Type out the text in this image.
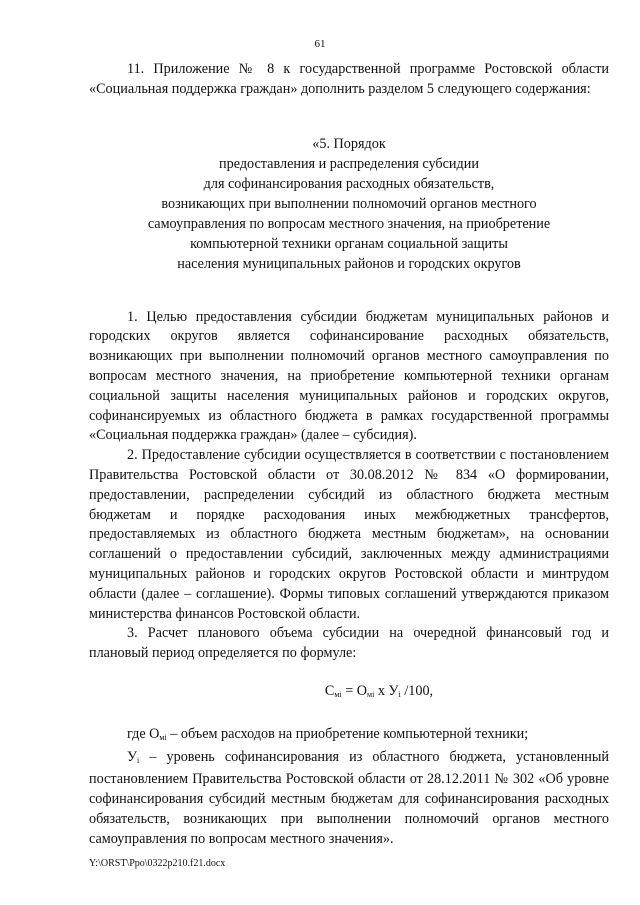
61

11. Приложение № 8 к государственной программе Ростовской области «Социальная поддержка граждан» дополнить разделом 5 следующего содержания:

«5. Порядок
предоставления и распределения субсидии
для софинансирования расходных обязательств,
возникающих при выполнении полномочий органов местного
самоуправления по вопросам местного значения, на приобретение
компьютерной техники органам социальной защиты
населения муниципальных районов и городских округов

1. Целью предоставления субсидии бюджетам муниципальных районов и городских округов является софинансирование расходных обязательств, возникающих при выполнении полномочий органов местного самоуправления по вопросам местного значения, на приобретение компьютерной техники органам социальной защиты населения муниципальных районов и городских округов, софинансируемых из областного бюджета в рамках государственной программы «Социальная поддержка граждан» (далее – субсидия).

2. Предоставление субсидии осуществляется в соответствии с постановлением Правительства Ростовской области от 30.08.2012 № 834 «О формировании, предоставлении, распределении субсидий из областного бюджета местным бюджетам и порядке расходования иных межбюджетных трансфертов, предоставляемых из областного бюджета местным бюджетам», на основании соглашений о предоставлении субсидий, заключенных между администрациями муниципальных районов и городских округов Ростовской области и минтрудом области (далее – соглашение). Формы типовых соглашений утверждаются приказом министерства финансов Ростовской области.

3. Расчет планового объема субсидии на очередной финансовый год и плановый период определяется по формуле:

$С_{мi} = О_{мi}$ х $У_i$ /100,

где $О_{мi}$ – объем расходов на приобретение компьютерной техники;

$У_i$ – уровень софинансирования из областного бюджета, установленный постановлением Правительства Ростовской области от 28.12.2011 № 302 «Об уровне софинансирования субсидий местным бюджетам для софинансирования расходных обязательств, возникающих при выполнении полномочий органов местного самоуправления по вопросам местного значения».

Y:\ORST\Ppo\0322p210.f21.docx
